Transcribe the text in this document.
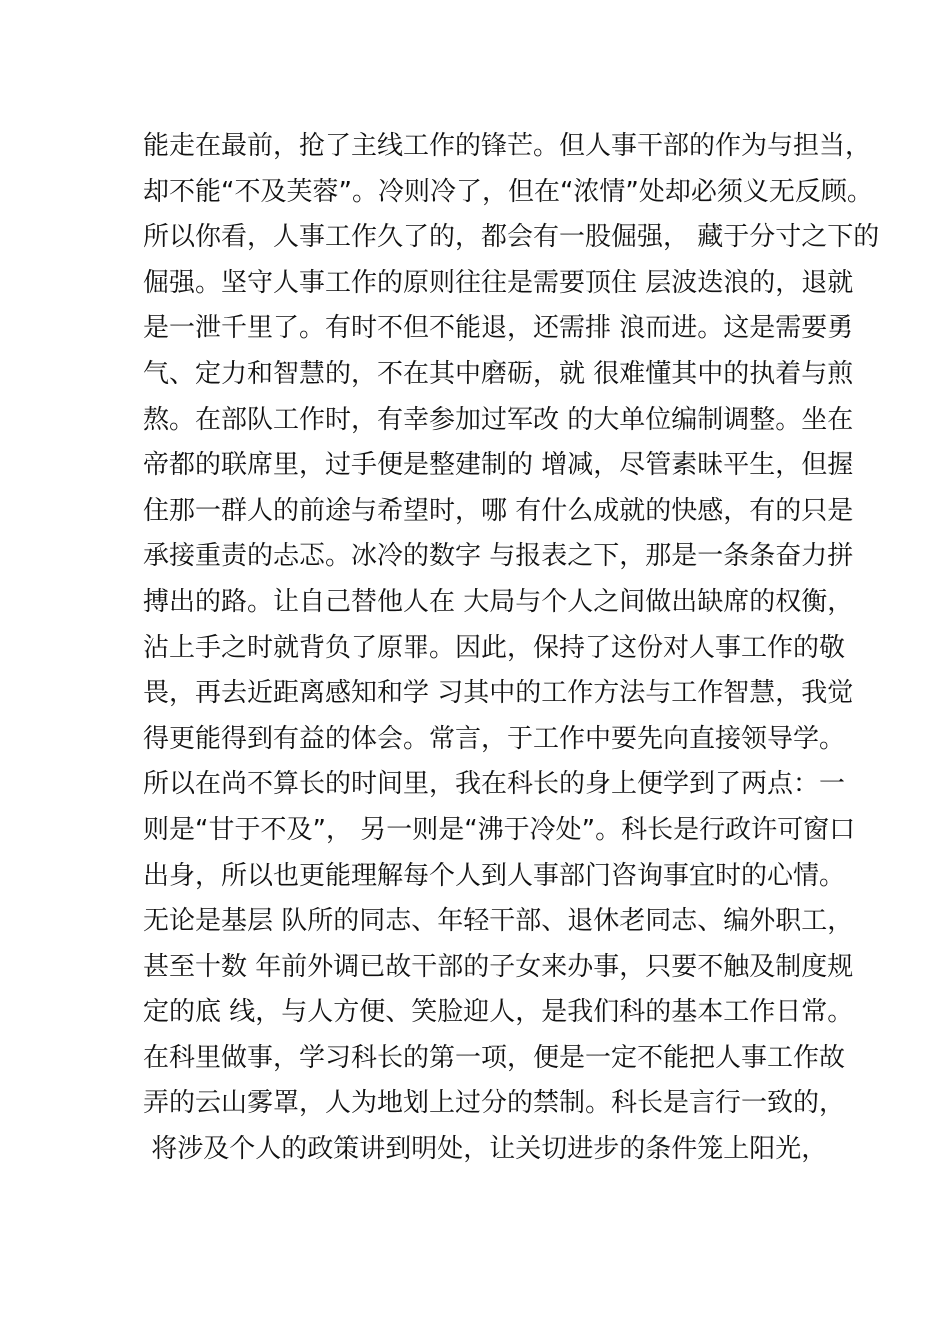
能走在最前，抢了主线工作的锋芒。但人事干部的作为与担当，
却不能“不及芙蓉”。冷则冷了，但在“浓情”处却必须义无反顾。
所以你看，人事工作久了的，都会有一股倔强， 藏于分寸之下的
倔强。坚守人事工作的原则往往是需要顶住 层波迭浪的，退就
是一泄千里了。有时不但不能退，还需排 浪而进。这是需要勇
气、定力和智慧的，不在其中磨砺，就 很难懂其中的执着与煎
熬。在部队工作时，有幸参加过军改 的大单位编制调整。坐在
帝都的联席里，过手便是整建制的 增减，尽管素昧平生，但握
住那一群人的前途与希望时，哪 有什么成就的快感，有的只是
承接重责的忐忑。冰冷的数字 与报表之下，那是一条条奋力拼
搏出的路。让自己替他人在 大局与个人之间做出缺席的权衡，
沾上手之时就背负了原罪。因此，保持了这份对人事工作的敬
畏，再去近距离感知和学 习其中的工作方法与工作智慧，我觉
得更能得到有益的体会。常言，于工作中要先向直接领导学。
所以在尚不算长的时间里，我在科长的身上便学到了两点：一
则是“甘于不及”， 另一则是“沸于冷处”。科长是行政许可窗口
出身，所以也更能理解每个人到人事部门咨询事宜时的心情。
无论是基层 队所的同志、年轻干部、退休老同志、编外职工，
甚至十数 年前外调已故干部的子女来办事，只要不触及制度规
定的底 线，与人方便、笑脸迎人，是我们科的基本工作日常。
在科里做事，学习科长的第一项，便是一定不能把人事工作故
弄的云山雾罩，人为地划上过分的禁制。科长是言行一致的，
将涉及个人的政策讲到明处，让关切进步的条件笼上阳光，
